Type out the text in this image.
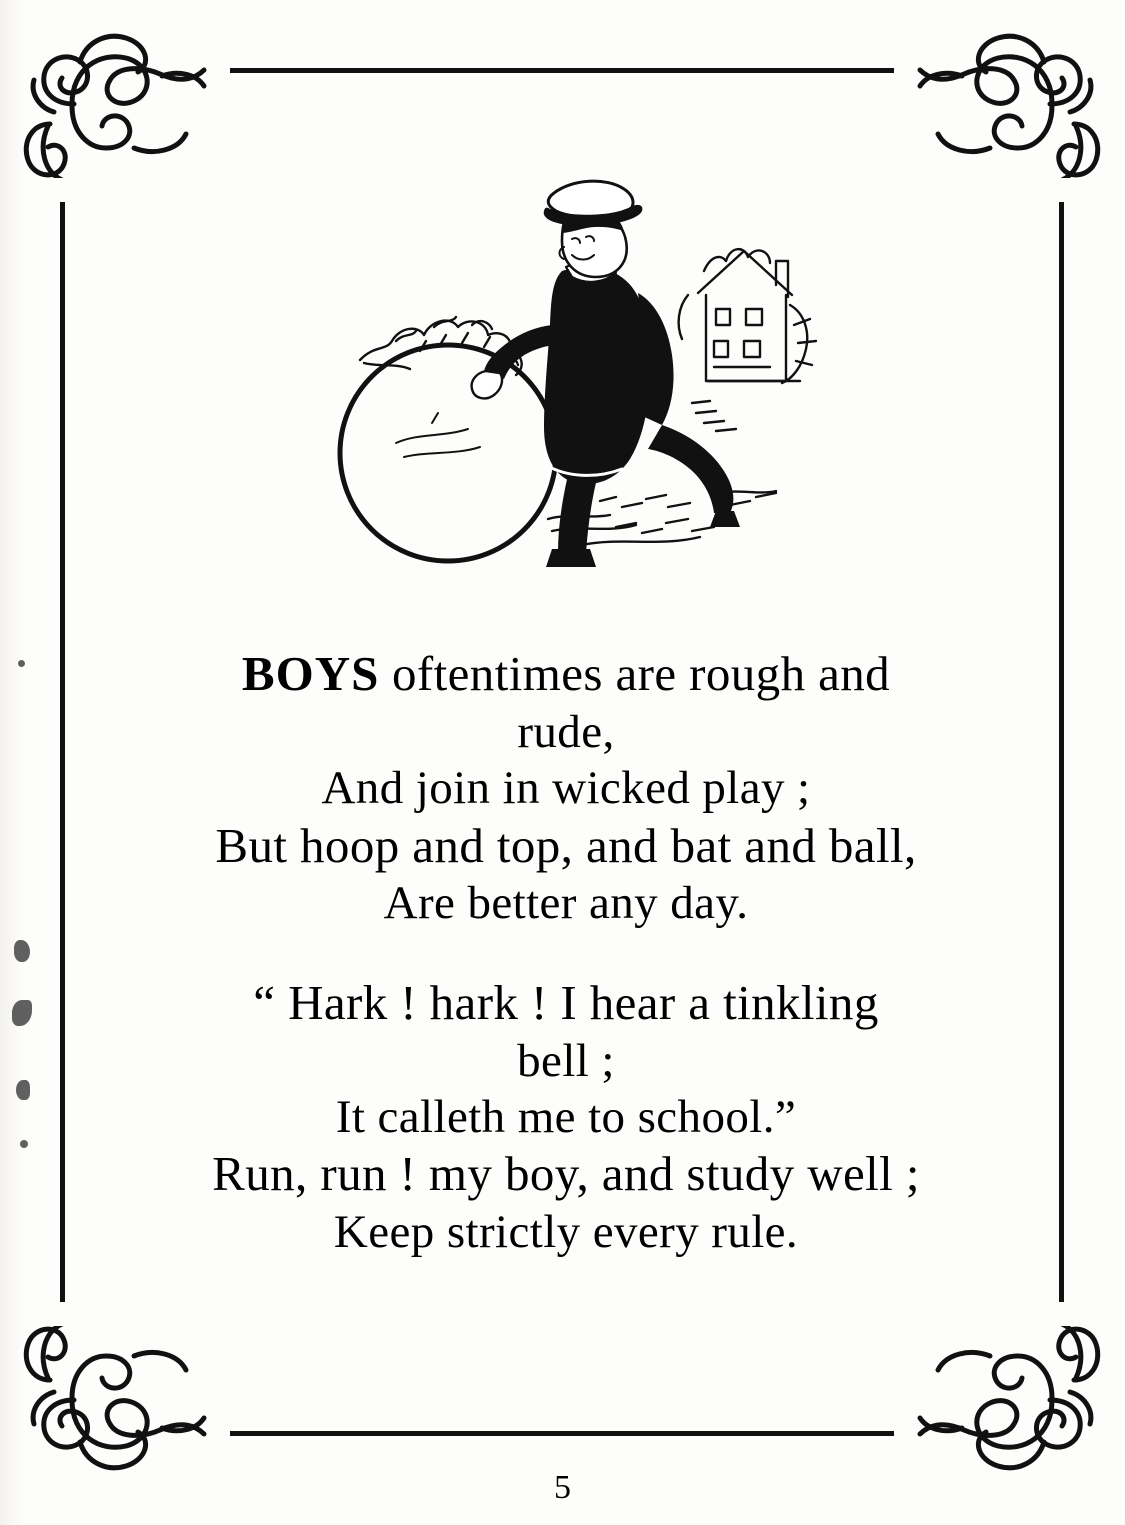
BOYS oftentimes are rough and
rude,
And join in wicked play ;
But hoop and top, and bat and ball,
Are better any day.
“ Hark ! hark ! I hear a tinkling
bell ;
It calleth me to school.”
Run, run ! my boy, and study well ;
Keep strictly every rule.
5
